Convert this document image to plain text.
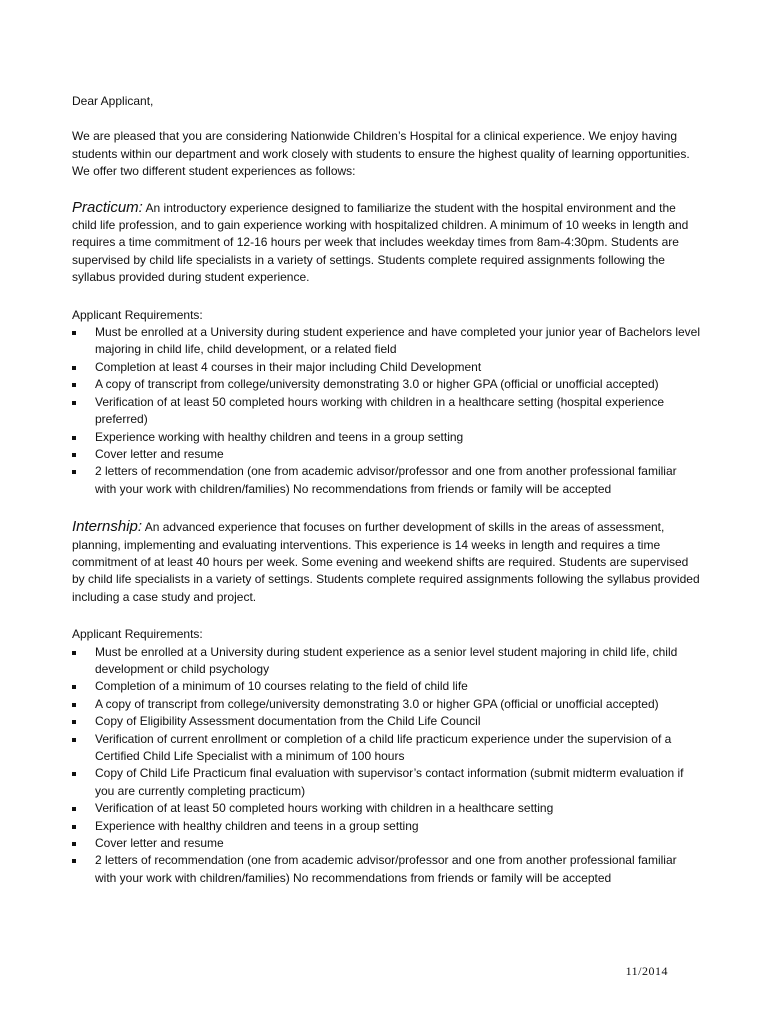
Dear Applicant,

We are pleased that you are considering Nationwide Children’s Hospital for a clinical experience. We enjoy having students within our department and work closely with students to ensure the highest quality of learning opportunities. We offer two different student experiences as follows:

Practicum: An introductory experience designed to familiarize the student with the hospital environment and the child life profession, and to gain experience working with hospitalized children. A minimum of 10 weeks in length and requires a time commitment of 12-16 hours per week that includes weekday times from 8am-4:30pm. Students are supervised by child life specialists in a variety of settings. Students complete required assignments following the syllabus provided during student experience.

Applicant Requirements:

Must be enrolled at a University during student experience and have completed your junior year of Bachelors level majoring in child life, child development, or a related field
Completion at least 4 courses in their major including Child Development
A copy of transcript from college/university demonstrating 3.0 or higher GPA (official or unofficial accepted)
Verification of at least 50 completed hours working with children in a healthcare setting (hospital experience preferred)
Experience working with healthy children and teens in a group setting
Cover letter and resume
2 letters of recommendation (one from academic advisor/professor and one from another professional familiar with your work with children/families) No recommendations from friends or family will be accepted

Internship: An advanced experience that focuses on further development of skills in the areas of assessment, planning, implementing and evaluating interventions. This experience is 14 weeks in length and requires a time commitment of at least 40 hours per week. Some evening and weekend shifts are required. Students are supervised by child life specialists in a variety of settings. Students complete required assignments following the syllabus provided including a case study and project.

Applicant Requirements:

Must be enrolled at a University during student experience as a senior level student majoring in child life, child development or child psychology
Completion of a minimum of 10 courses relating to the field of child life
A copy of transcript from college/university demonstrating 3.0 or higher GPA (official or unofficial accepted)
Copy of Eligibility Assessment documentation from the Child Life Council
Verification of current enrollment or completion of a child life practicum experience under the supervision of a Certified Child Life Specialist with a minimum of 100 hours
Copy of Child Life Practicum final evaluation with supervisor’s contact information (submit midterm evaluation if you are currently completing practicum)
Verification of at least 50 completed hours working with children in a healthcare setting
Experience with healthy children and teens in a group setting
Cover letter and resume
2 letters of recommendation (one from academic advisor/professor and one from another professional familiar with your work with children/families) No recommendations from friends or family will be accepted
11/2014
